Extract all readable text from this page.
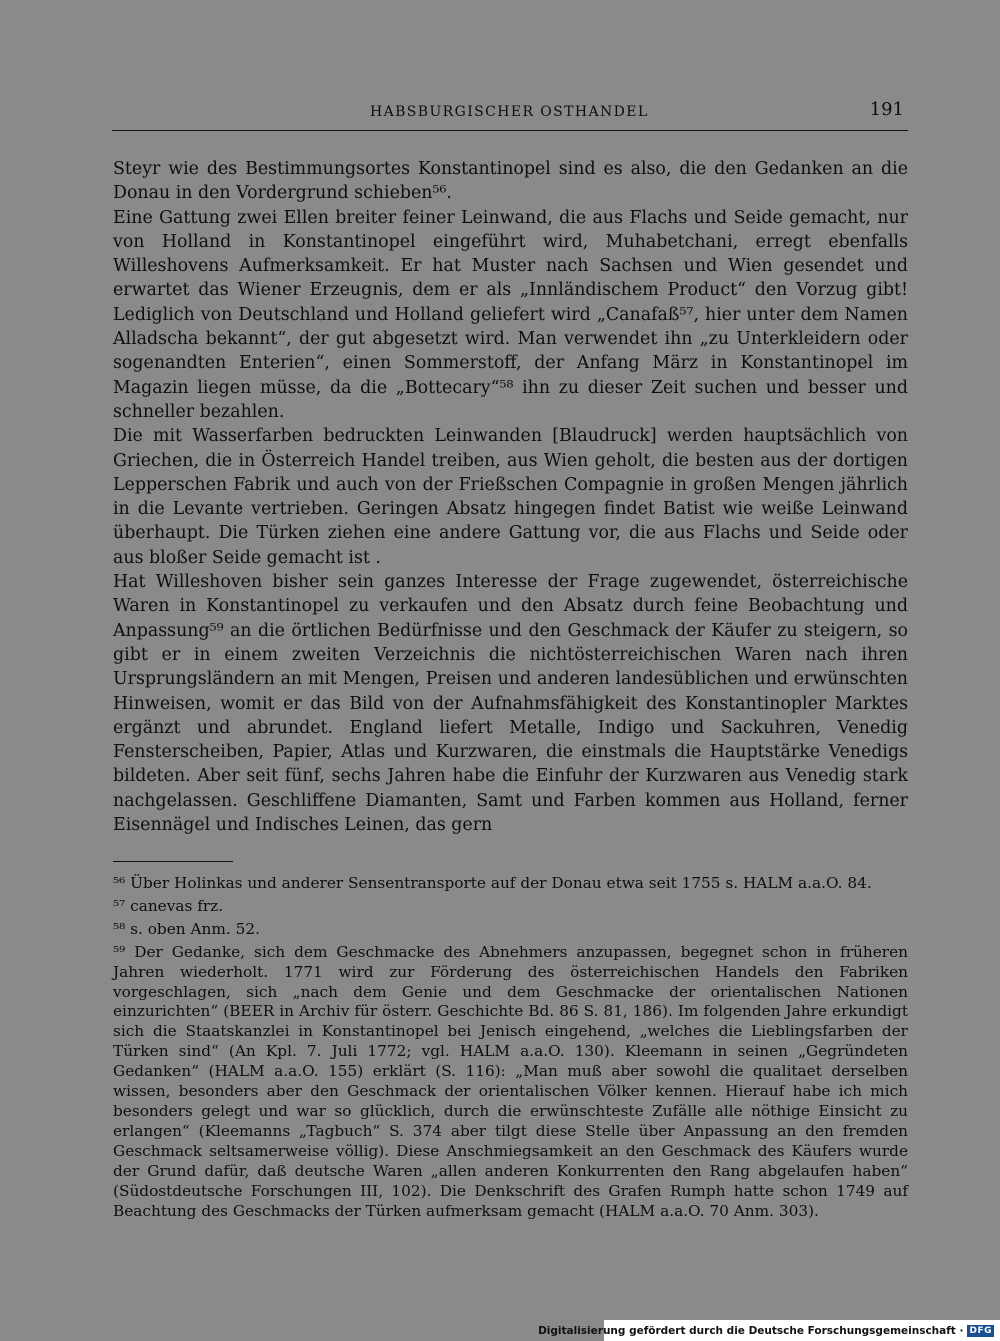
HABSBURGISCHER OSTHANDEL	191

Steyr wie des Bestimmungsortes Konstantinopel sind es also, die den Gedanken an die Donau in den Vordergrund schieben⁵⁶.

Eine Gattung zwei Ellen breiter feiner Leinwand, die aus Flachs und Seide gemacht, nur von Holland in Konstantinopel eingeführt wird, Muhabetchani, erregt ebenfalls Willeshovens Aufmerksamkeit. Er hat Muster nach Sachsen und Wien gesendet und erwartet das Wiener Erzeugnis, dem er als „Innländischem Product“ den Vorzug gibt! Lediglich von Deutschland und Holland geliefert wird „Canafaß⁵⁷, hier unter dem Namen Alladscha bekannt“, der gut abgesetzt wird. Man verwendet ihn „zu Unterkleidern oder sogenandten Enterien“, einen Sommerstoff, der Anfang März in Konstantinopel im Magazin liegen müsse, da die „Bottecary“⁵⁸ ihn zu dieser Zeit suchen und besser und schneller bezahlen.

Die mit Wasserfarben bedruckten Leinwanden [Blaudruck] werden hauptsächlich von Griechen, die in Österreich Handel treiben, aus Wien geholt, die besten aus der dortigen Lepperschen Fabrik und auch von der Frießschen Compagnie in großen Mengen jährlich in die Levante vertrieben. Geringen Absatz hingegen findet Batist wie weiße Leinwand überhaupt. Die Türken ziehen eine andere Gattung vor, die aus Flachs und Seide oder aus bloßer Seide gemacht ist .

Hat Willeshoven bisher sein ganzes Interesse der Frage zugewendet, österreichische Waren in Konstantinopel zu verkaufen und den Absatz durch feine Beobachtung und Anpassung⁵⁹ an die örtlichen Bedürfnisse und den Geschmack der Käufer zu steigern, so gibt er in einem zweiten Verzeichnis die nichtösterreichischen Waren nach ihren Ursprungsländern an mit Mengen, Preisen und anderen landesüblichen und erwünschten Hinweisen, womit er das Bild von der Aufnahmsfähigkeit des Konstantinopler Marktes ergänzt und abrundet. England liefert Metalle, Indigo und Sackuhren, Venedig Fensterscheiben, Papier, Atlas und Kurzwaren, die einstmals die Hauptstärke Venedigs bildeten. Aber seit fünf, sechs Jahren habe die Einfuhr der Kurzwaren aus Venedig stark nachgelassen. Geschliffene Diamanten, Samt und Farben kommen aus Holland, ferner Eisennägel und Indisches Leinen, das gern

⁵⁶ Über Holinkas und anderer Sensentransporte auf der Donau etwa seit 1755 s. HALM a.a.O. 84.

⁵⁷ canevas frz.

⁵⁸ s. oben Anm. 52.

⁵⁹ Der Gedanke, sich dem Geschmacke des Abnehmers anzupassen, begegnet schon in früheren Jahren wiederholt. 1771 wird zur Förderung des österreichischen Handels den Fabriken vorgeschlagen, sich „nach dem Genie und dem Geschmacke der orientalischen Nationen einzurichten“ (BEER in Archiv für österr. Geschichte Bd. 86 S. 81, 186). Im folgenden Jahre erkundigt sich die Staatskanzlei in Konstantinopel bei Jenisch eingehend, „welches die Lieblingsfarben der Türken sind“ (An Kpl. 7. Juli 1772; vgl. HALM a.a.O. 130). Kleemann in seinen „Gegründeten Gedanken“ (HALM a.a.O. 155) erklärt (S. 116): „Man muß aber sowohl die qualitaet derselben wissen, besonders aber den Geschmack der orientalischen Völker kennen. Hierauf habe ich mich besonders gelegt und war so glücklich, durch die erwünschteste Zufälle alle nöthige Einsicht zu erlangen“ (Kleemanns „Tagbuch“ S. 374 aber tilgt diese Stelle über Anpassung an den fremden Geschmack seltsamerweise völlig). Diese Anschmiegsamkeit an den Geschmack des Käufers wurde der Grund dafür, daß deutsche Waren „allen anderen Konkurrenten den Rang abgelaufen haben“ (Südostdeutsche Forschungen III, 102). Die Denkschrift des Grafen Rumph hatte schon 1749 auf Beachtung des Geschmacks der Türken aufmerksam gemacht (HALM a.a.O. 70 Anm. 303).

Digitalisierung gefördert durch die Deutsche Forschungsgemeinschaft · DFG
